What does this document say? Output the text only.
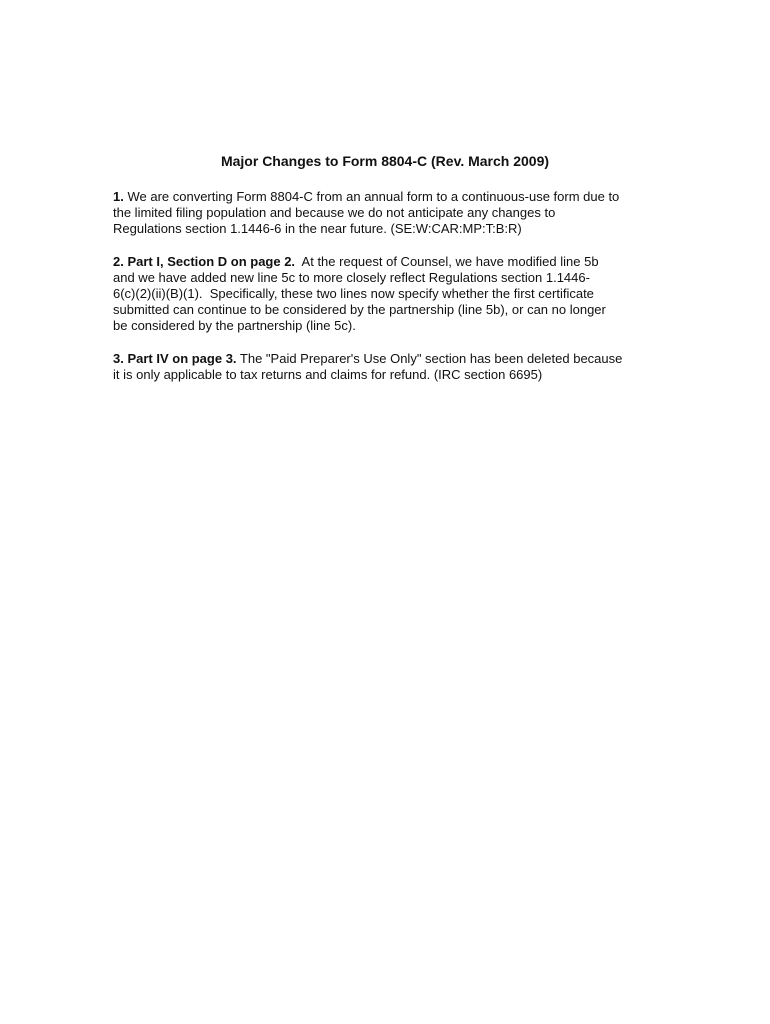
Major Changes to Form 8804-C (Rev. March 2009)
1. We are converting Form 8804-C from an annual form to a continuous-use form due to
the limited filing population and because we do not anticipate any changes to
Regulations section 1.1446-6 in the near future. (SE:W:CAR:MP:T:B:R)
2. Part I, Section D on page 2.  At the request of Counsel, we have modified line 5b
and we have added new line 5c to more closely reflect Regulations section 1.1446-
6(c)(2)(ii)(B)(1).  Specifically, these two lines now specify whether the first certificate
submitted can continue to be considered by the partnership (line 5b), or can no longer
be considered by the partnership (line 5c).
3. Part IV on page 3. The "Paid Preparer's Use Only" section has been deleted because
it is only applicable to tax returns and claims for refund. (IRC section 6695)
